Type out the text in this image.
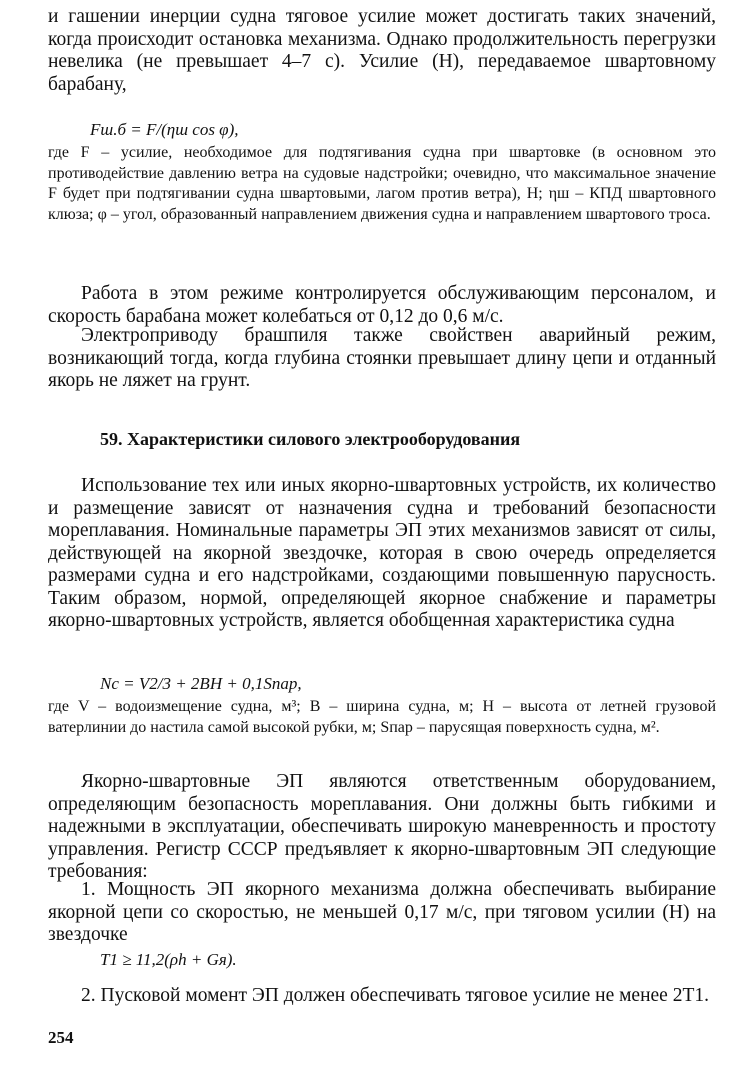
и гашении инерции судна тяговое усилие может достигать таких значений, когда происходит остановка механизма. Однако продолжительность перегрузки невелика (не превышает 4–7 с). Усилие (Н), передаваемое швартовному барабану,

Fш.б = F/(ηш cos φ),

где F – усилие, необходимое для подтягивания судна при швартовке (в основном это противодействие давлению ветра на судовые надстройки; очевидно, что максимальное значение F будет при подтягивании судна швартовыми, лагом против ветра), Н; ηш – КПД швартовного клюза; φ – угол, образованный направлением движения судна и направлением швартового троса.

Работа в этом режиме контролируется обслуживающим персоналом, и скорость барабана может колебаться от 0,12 до 0,6 м/с.

Электроприводу брашпиля также свойствен аварийный режим, возникающий тогда, когда глубина стоянки превышает длину цепи и отданный якорь не ляжет на грунт.

59. Характеристики силового электрооборудования

Использование тех или иных якорно-швартовных устройств, их количество и размещение зависят от назначения судна и требований безопасности мореплавания. Номинальные параметры ЭП этих механизмов зависят от силы, действующей на якорной звездочке, которая в свою очередь определяется размерами судна и его надстройками, создающими повышенную парусность. Таким образом, нормой, определяющей якорное снабжение и параметры якорно-швартовных устройств, является обобщенная характеристика судна

Nс = V2/3 + 2BH + 0,1Sпар,

где V – водоизмещение судна, м³; B – ширина судна, м; H – высота от летней грузовой ватерлинии до настила самой высокой рубки, м; Sпар – парусящая поверхность судна, м².

Якорно-швартовные ЭП являются ответственным оборудованием, определяющим безопасность мореплавания. Они должны быть гибкими и надежными в эксплуатации, обеспечивать широкую маневренность и простоту управления. Регистр СССР предъявляет к якорно-швартовным ЭП следующие требования:

1. Мощность ЭП якорного механизма должна обеспечивать выбирание якорной цепи со скоростью, не меньшей 0,17 м/с, при тяговом усилии (Н) на звездочке

T1 ≥ 11,2(ρh + Gя).

2. Пусковой момент ЭП должен обеспечивать тяговое усилие не менее 2T1.

254
